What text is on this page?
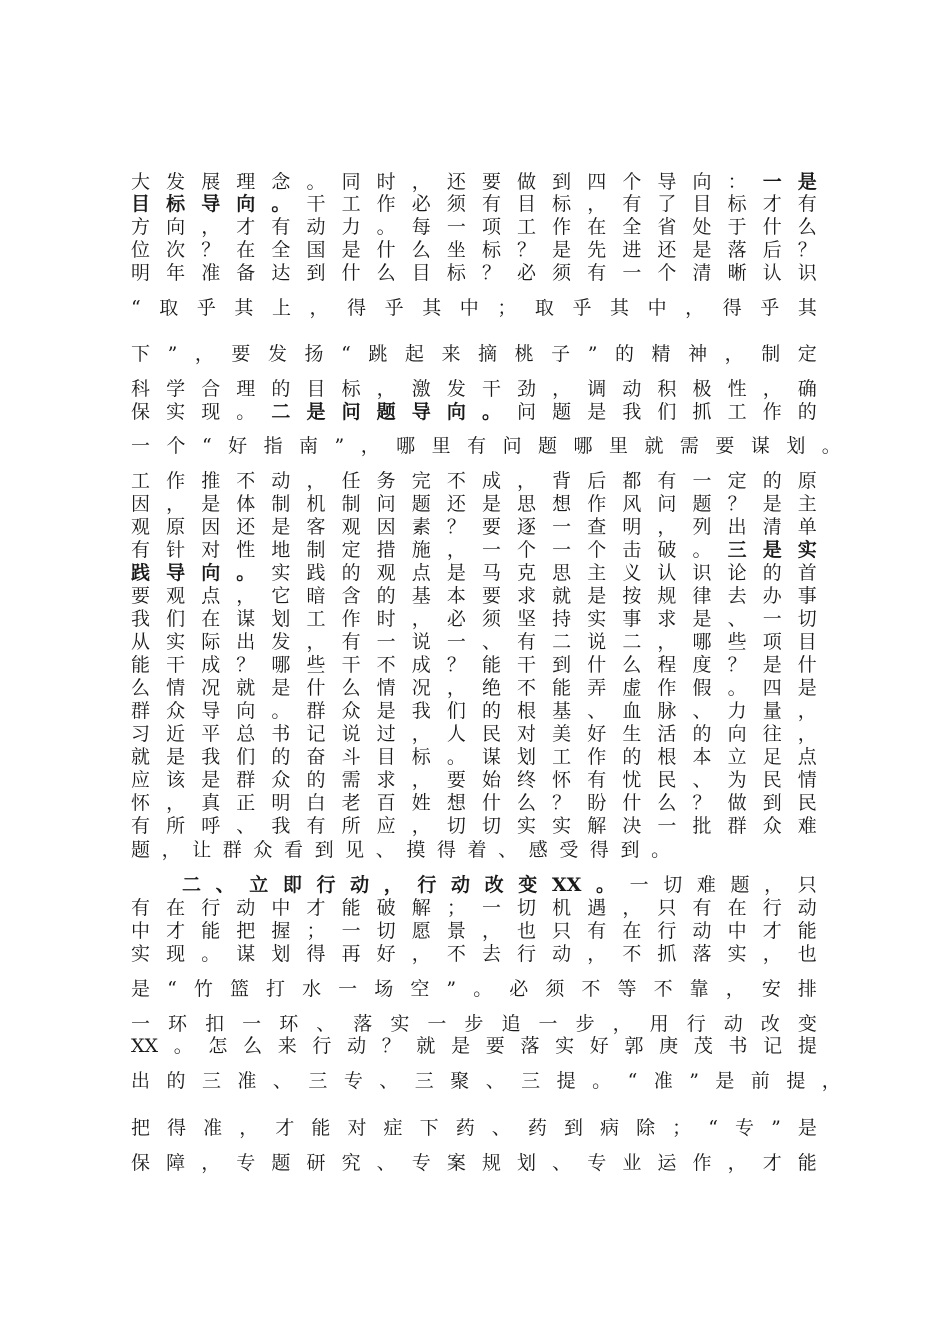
大 发 展 理 念 。 同 时 ， 还 要 做 到 四 个 导 向 ： 一 是
目 标 导 向 。 干 工 作 必 须 有 目 标 ， 有 了 目 标 才 有
方 向 ， 才 有 动 力 。 每 一 项 工 作 在 全 省 处 于 什 么
位 次 ？ 在 全 国 是 什 么 坐 标 ？ 是 先 进 还 是 落 后 ？
明 年 准 备 达 到 什 么 目 标 ？ 必 须 有 一 个 清 晰 认 识
“ 取 乎 其 上 ， 得 乎 其 中 ； 取 乎 其 中 ， 得 乎 其
下 ” ， 要 发 扬 “ 跳 起 来 摘 桃 子 ” 的 精 神 ， 制 定
科 学 合 理 的 目 标 ， 激 发 干 劲 ， 调 动 积 极 性 ， 确
保 实 现 。 二 是 问 题 导 向 。 问 题 是 我 们 抓 工 作 的
一 个 “ 好 指 南 ” ， 哪 里 有 问 题 哪 里 就 需 要 谋 划 。
工 作 推 不 动 ， 任 务 完 不 成 ， 背 后 都 有 一 定 的 原
因 ， 是 体 制 机 制 问 题 还 是 思 想 作 风 问 题 ？ 是 主
观 原 因 还 是 客 观 因 素 ？ 要 逐 一 查 明 ， 列 出 清 单
有 针 对 性 地 制 定 措 施 ， 一 个 一 个 击 破 。 三 是 实
践 导 向 。 实 践 的 观 点 是 马 克 思 主 义 认 识 论 的 首
要 观 点 ， 它 暗 含 的 基 本 要 求 就 是 按 规 律 去 办 事
我 们 在 谋 划 工 作 时 ， 必 须 坚 持 实 事 求 是 、 一 切
从 实 际 出 发 ， 有 一 说 一 、 有 二 说 二 ， 哪 些 项 目
能 干 成 ？ 哪 些 干 不 成 ？ 能 干 到 什 么 程 度 ？ 是 什
么 情 况 就 是 什 么 情 况 ， 绝 不 能 弄 虚 作 假 。 四 是
群 众 导 向 。 群 众 是 我 们 的 根 基 、 血 脉 、 力 量 ，
习 近 平 总 书 记 说 过 ， 人 民 对 美 好 生 活 的 向 往 ，
就 是 我 们 的 奋 斗 目 标 。 谋 划 工 作 的 根 本 立 足 点
应 该 是 群 众 的 需 求 ， 要 始 终 怀 有 忧 民 、 为 民 情
怀 ， 真 正 明 白 老 百 姓 想 什 么 ？ 盼 什 么 ？ 做 到 民
有 所 呼 、 我 有 所 应 ， 切 切 实 实 解 决 一 批 群 众 难
题 ， 让 群 众 看 到 见 、 摸 得 着 、 感 受 得 到 。
二 、 立 即 行 动 ， 行 动 改 变 XX 。 一 切 难 题 ， 只
有 在 行 动 中 才 能 破 解 ； 一 切 机 遇 ， 只 有 在 行 动
中 才 能 把 握 ； 一 切 愿 景 ， 也 只 有 在 行 动 中 才 能
实 现 。 谋 划 得 再 好 ， 不 去 行 动 ， 不 抓 落 实 ， 也
是 “ 竹 篮 打 水 一 场 空 ” 。 必 须 不 等 不 靠 ， 安 排
一 环 扣 一 环 、 落 实 一 步 追 一 步 ， 用 行 动 改 变
XX 。 怎 么 来 行 动 ？ 就 是 要 落 实 好 郭 庚 茂 书 记 提
出 的 三 准 、 三 专 、 三 聚 、 三 提 。 “ 准 ” 是 前 提 ，
把 得 准 ， 才 能 对 症 下 药 、 药 到 病 除 ； “ 专 ” 是
保 障 ， 专 题 研 究 、 专 案 规 划 、 专 业 运 作 ， 才 能
